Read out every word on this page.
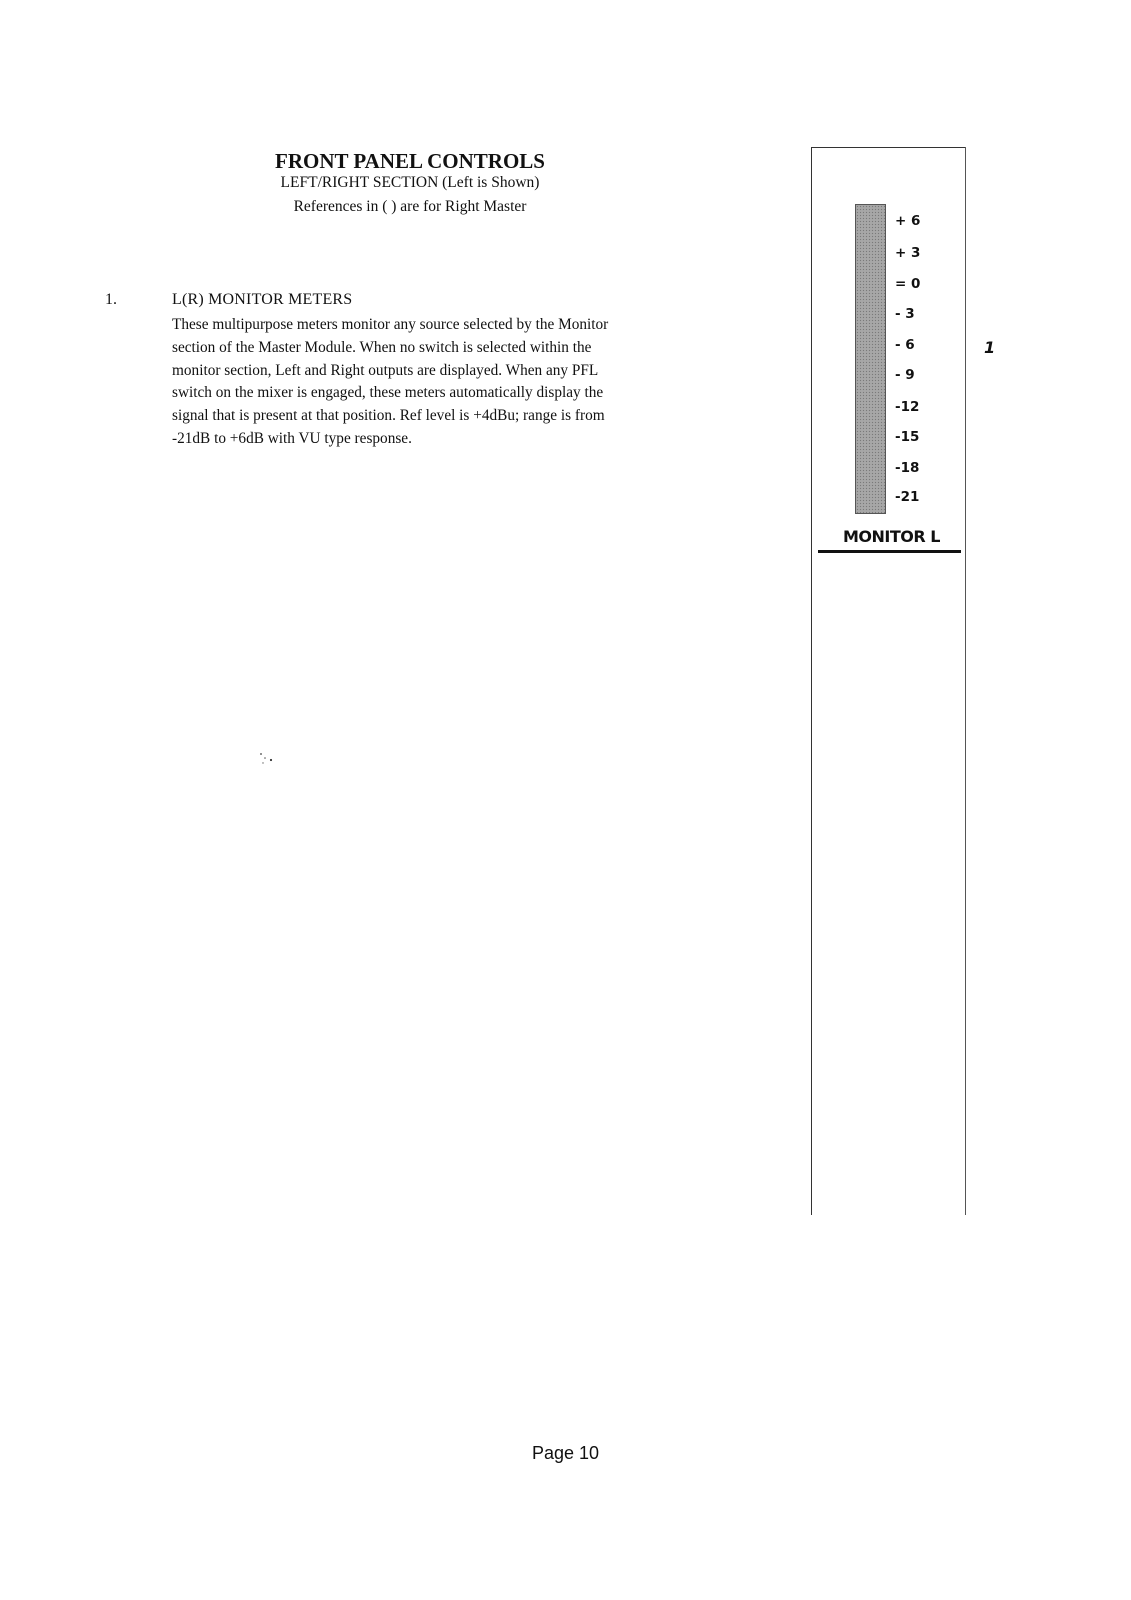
FRONT PANEL CONTROLS
LEFT/RIGHT SECTION (Left is Shown)
References in ( ) are for Right Master
1.	L(R) MONITOR METERS
These multipurpose meters monitor any source selected by the Monitor
section of the Master Module. When no switch is selected within the
monitor section, Left and Right outputs are displayed. When any PFL
switch on the mixer is engaged, these meters automatically display the
signal that is present at that position. Ref level is +4dBu; range is from
-21dB to +6dB with VU type response.
+ 6
+ 3
= 0
- 3
- 6
- 9
-12
-15
-18
-21
MONITOR L
1
Page 10
